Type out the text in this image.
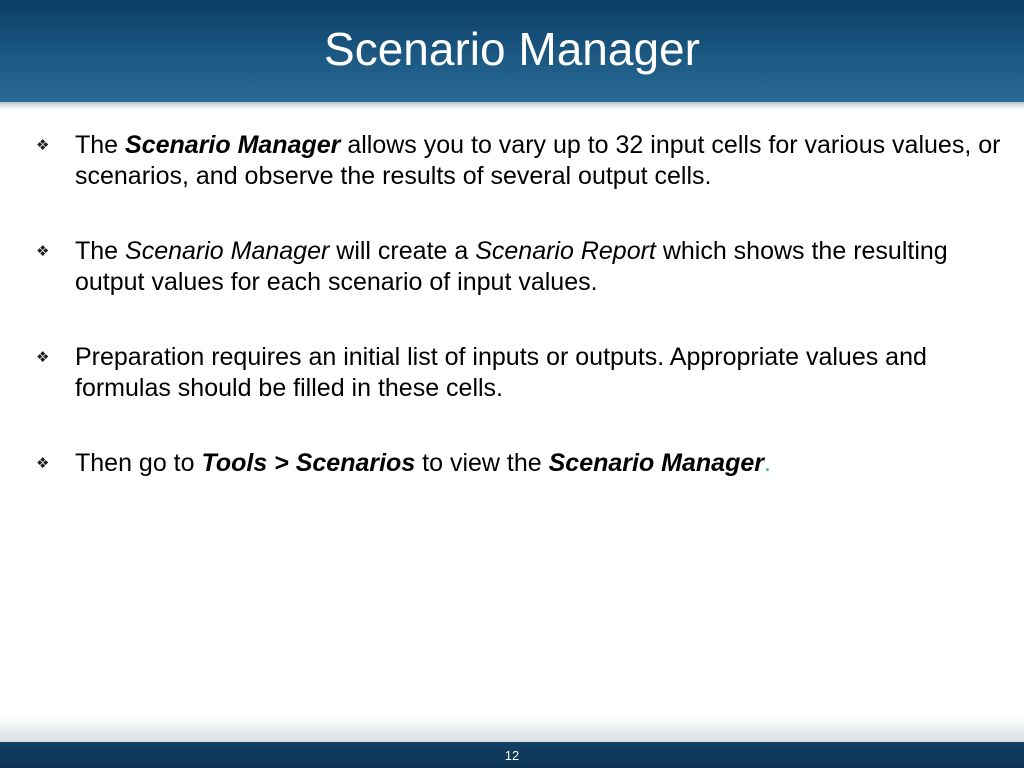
Scenario Manager
❖ The Scenario Manager allows you to vary up to 32 input cells for various values, or scenarios, and observe the results of several output cells.
❖ The Scenario Manager will create a Scenario Report which shows the resulting output values for each scenario of input values.
❖ Preparation requires an initial list of inputs or outputs. Appropriate values and formulas should be filled in these cells.
❖ Then go to Tools > Scenarios to view the Scenario Manager.
12
